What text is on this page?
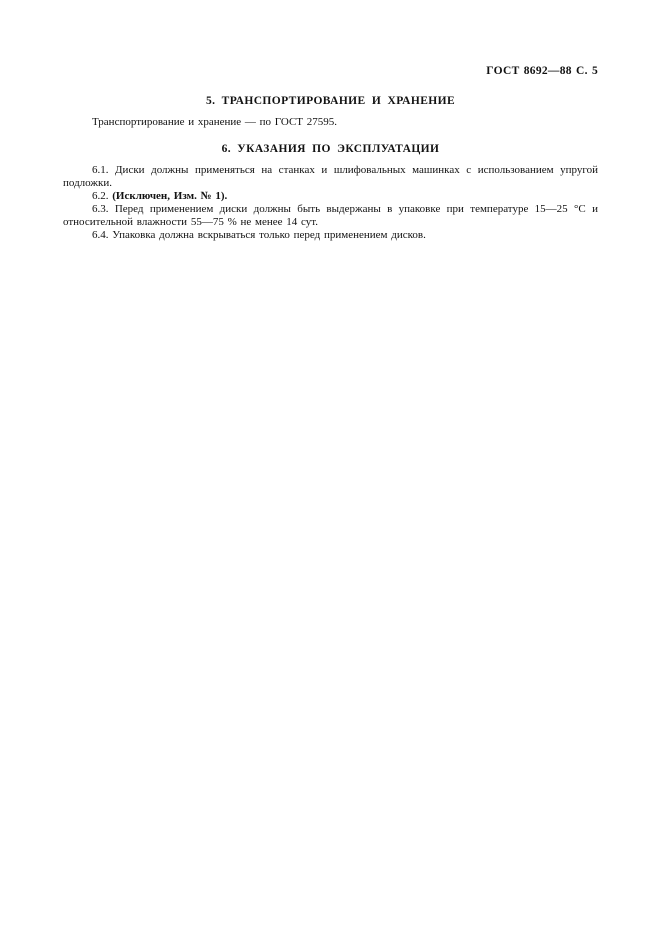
ГОСТ 8692—88 С. 5
5. ТРАНСПОРТИРОВАНИЕ И ХРАНЕНИЕ

Транспортирование и хранение — по ГОСТ 27595.

6. УКАЗАНИЯ ПО ЭКСПЛУАТАЦИИ

6.1. Диски должны применяться на станках и шлифовальных машинках с использованием упругой подложки.

6.2. (Исключен, Изм. № 1).

6.3. Перед применением диски должны быть выдержаны в упаковке при температуре 15—25 °С и относительной влажности 55—75 % не менее 14 сут.

6.4. Упаковка должна вскрываться только перед применением дисков.
